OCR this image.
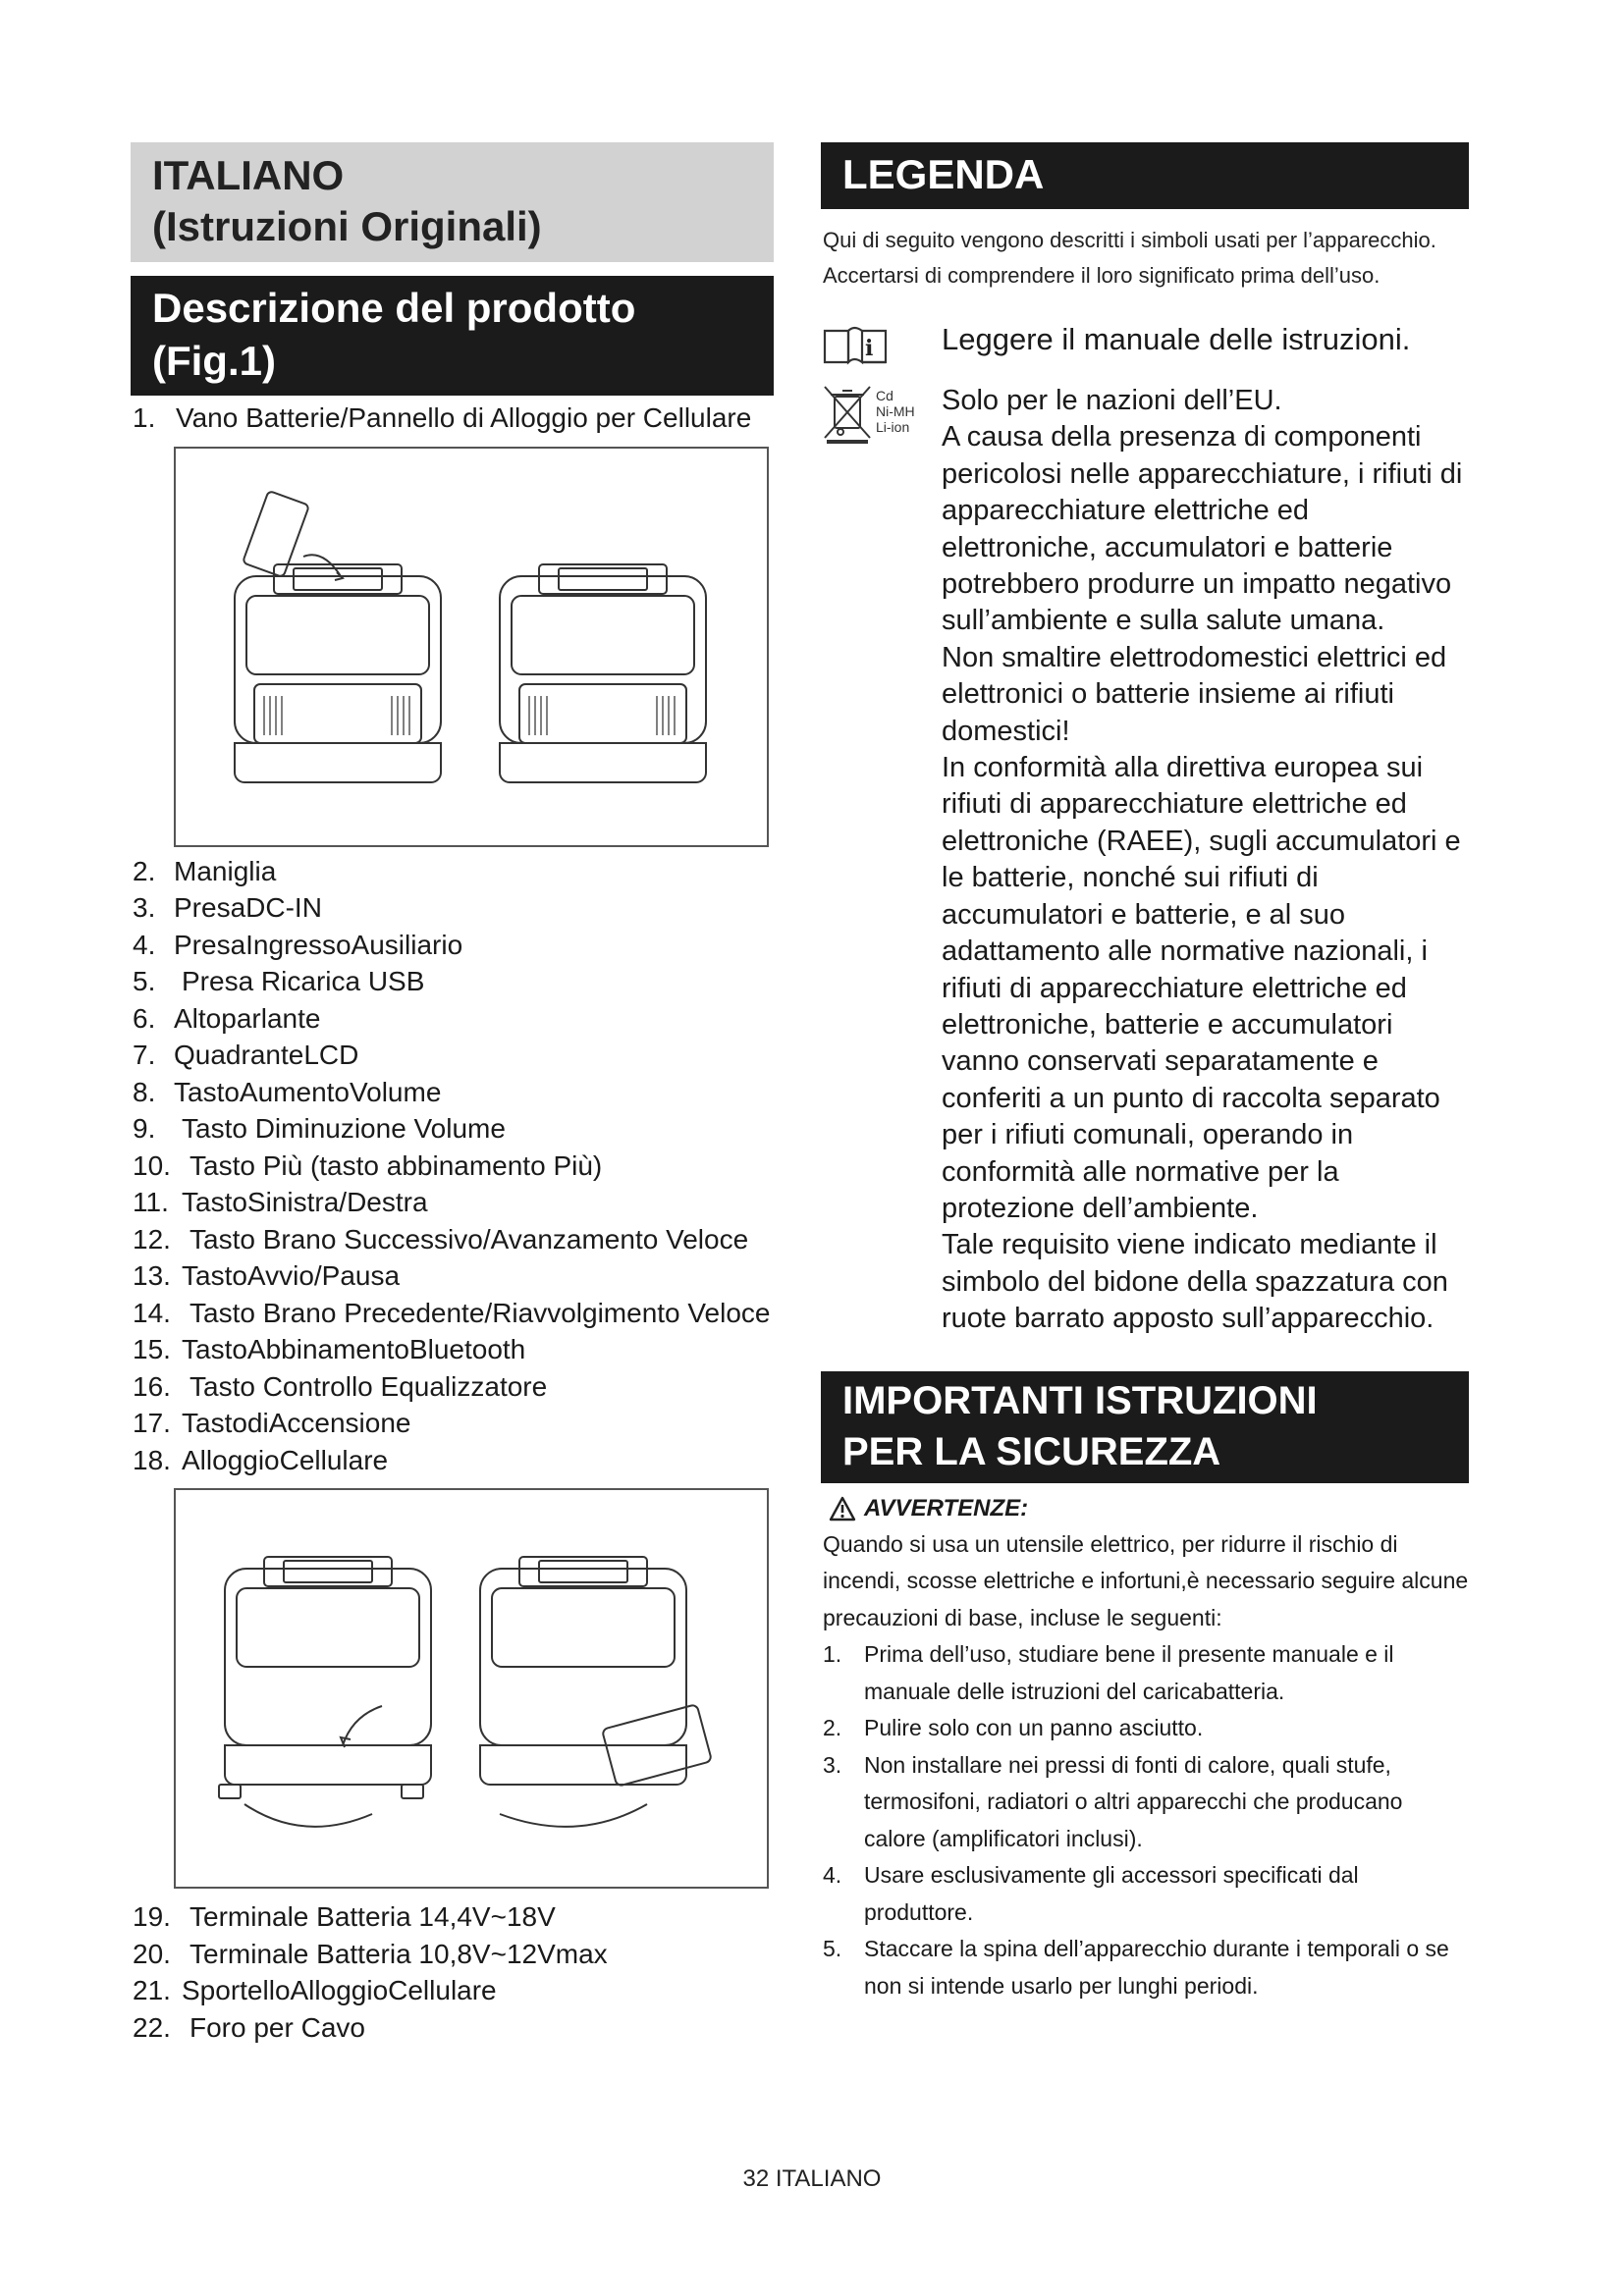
ITALIANO
(Istruzioni Originali)
Descrizione del prodotto
(Fig.1)
1. Vano Batterie/Pannello di Alloggio per Cellulare
2. Maniglia
3. PresaDC-IN
4. PresaIngressoAusiliario
5. Presa Ricarica USB
6. Altoparlante
7. QuadranteLCD
8. TastoAumentoVolume
9. Tasto Diminuzione Volume
10. Tasto Più (tasto abbinamento Più)
11. TastoSinistra/Destra
12. Tasto Brano Successivo/Avanzamento Veloce
13. TastoAvvio/Pausa
14. Tasto Brano Precedente/Riavvolgimento Veloce
15. TastoAbbinamentoBluetooth
16. Tasto Controllo Equalizzatore
17. TastodiAccensione
18. AlloggioCellulare
19. Terminale Batteria 14,4V~18V
20. Terminale Batteria 10,8V~12Vmax
21. SportelloAlloggioCellulare
22. Foro per Cavo
LEGENDA

Qui di seguito vengono descritti i simboli usati per l’apparecchio. Accertarsi di comprendere il loro significato prima dell’uso.

i Leggere il manuale delle istruzioni.
Cd
Ni-MH
Li-ion

Solo per le nazioni dell’EU.

A causa della presenza di componenti pericolosi nelle apparecchiature, i rifiuti di apparecchiature elettriche ed elettroniche, accumulatori e batterie potrebbero produrre un impatto negativo sull’ambiente e sulla salute umana.

Non smaltire elettrodomestici elettrici ed elettronici o batterie insieme ai rifiuti domestici!

In conformità alla direttiva europea sui rifiuti di apparecchiature elettriche ed elettroniche (RAEE), sugli accumulatori e le batterie, nonché sui rifiuti di accumulatori e batterie, e al suo adattamento alle normative nazionali, i rifiuti di apparecchiature elettriche ed elettroniche, batterie e accumulatori vanno conservati separatamente e conferiti a un punto di raccolta separato per i rifiuti comunali, operando in conformità alle normative per la protezione dell’ambiente.

Tale requisito viene indicato mediante il simbolo del bidone della spazzatura con ruote barrato apposto sull’apparecchio.

IMPORTANTI ISTRUZIONI
PER LA SICUREZZA
AVVERTENZE:

Quando si usa un utensile elettrico, per ridurre il rischio di incendi, scosse elettriche e infortuni,è necessario seguire alcune precauzioni di base, incluse le seguenti:

1. Prima dell’uso, studiare bene il presente manuale e il manuale delle istruzioni del caricabatteria.
2. Pulire solo con un panno asciutto.
3. Non installare nei pressi di fonti di calore, quali stufe, termosifoni, radiatori o altri apparecchi che producano calore (amplificatori inclusi).
4. Usare esclusivamente gli accessori specificati dal produttore.
5. Staccare la spina dell’apparecchio durante i temporali o se non si intende usarlo per lunghi periodi.
32 ITALIANO
